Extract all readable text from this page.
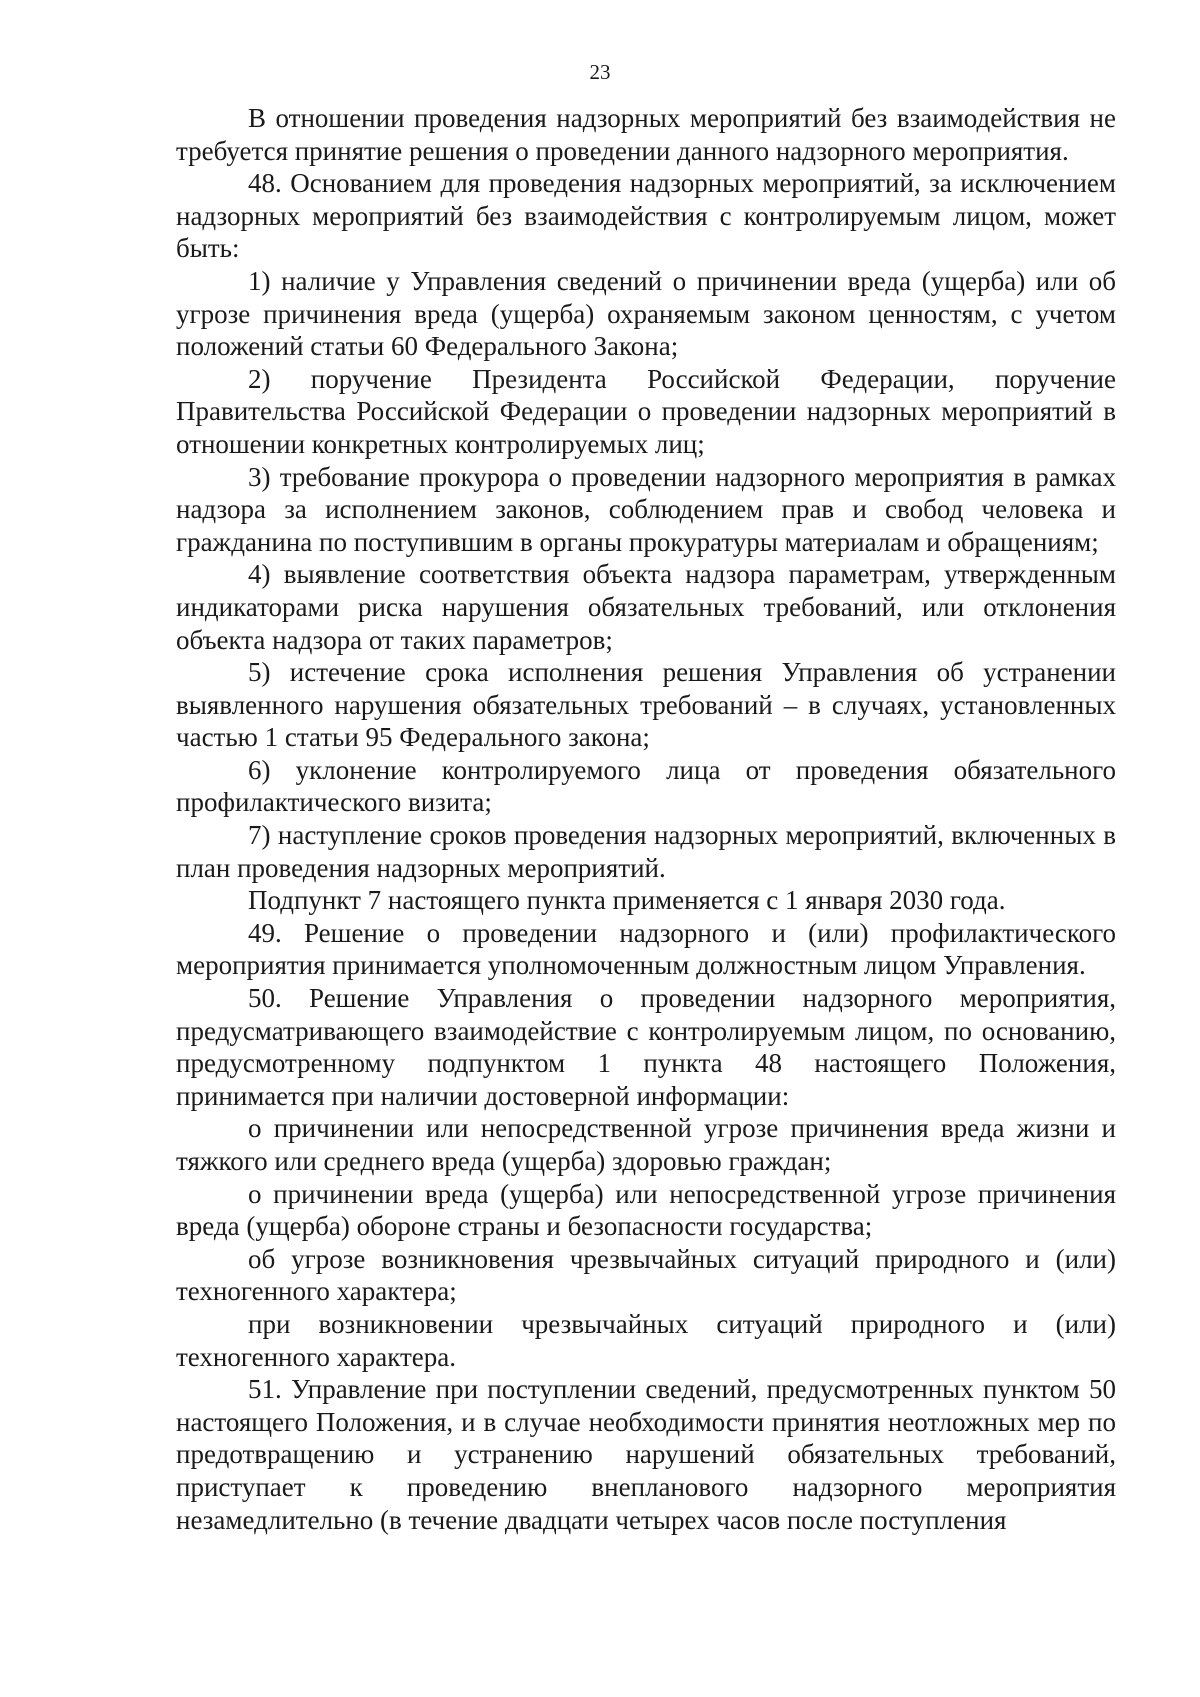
23

В отношении проведения надзорных мероприятий без взаимодействия не требуется принятие решения о проведении данного надзорного мероприятия.

48. Основанием для проведения надзорных мероприятий, за исключением надзорных мероприятий без взаимодействия с контролируемым лицом, может быть:

1) наличие у Управления сведений о причинении вреда (ущерба) или об угрозе причинения вреда (ущерба) охраняемым законом ценностям, с учетом положений статьи 60 Федерального Закона;

2) поручение Президента Российской Федерации, поручение Правительства Российской Федерации о проведении надзорных мероприятий в отношении конкретных контролируемых лиц;

3) требование прокурора о проведении надзорного мероприятия в рамках надзора за исполнением законов, соблюдением прав и свобод человека и гражданина по поступившим в органы прокуратуры материалам и обращениям;

4) выявление соответствия объекта надзора параметрам, утвержденным индикаторами риска нарушения обязательных требований, или отклонения объекта надзора от таких параметров;

5) истечение срока исполнения решения Управления об устранении выявленного нарушения обязательных требований – в случаях, установленных частью 1 статьи 95 Федерального закона;

6) уклонение контролируемого лица от проведения обязательного профилактического визита;

7) наступление сроков проведения надзорных мероприятий, включенных в план проведения надзорных мероприятий.

Подпункт 7 настоящего пункта применяется с 1 января 2030 года.

49. Решение о проведении надзорного и (или) профилактического мероприятия принимается уполномоченным должностным лицом Управления.

50. Решение Управления о проведении надзорного мероприятия, предусматривающего взаимодействие с контролируемым лицом, по основанию, предусмотренному подпунктом 1 пункта 48 настоящего Положения, принимается при наличии достоверной информации:

о причинении или непосредственной угрозе причинения вреда жизни и тяжкого или среднего вреда (ущерба) здоровью граждан;

о причинении вреда (ущерба) или непосредственной угрозе причинения вреда (ущерба) обороне страны и безопасности государства;

об угрозе возникновения чрезвычайных ситуаций природного и (или) техногенного характера;

при возникновении чрезвычайных ситуаций природного и (или) техногенного характера.

51. Управление при поступлении сведений, предусмотренных пунктом 50 настоящего Положения, и в случае необходимости принятия неотложных мер по предотвращению и устранению нарушений обязательных требований, приступает к проведению внепланового надзорного мероприятия незамедлительно (в течение двадцати четырех часов после поступления
